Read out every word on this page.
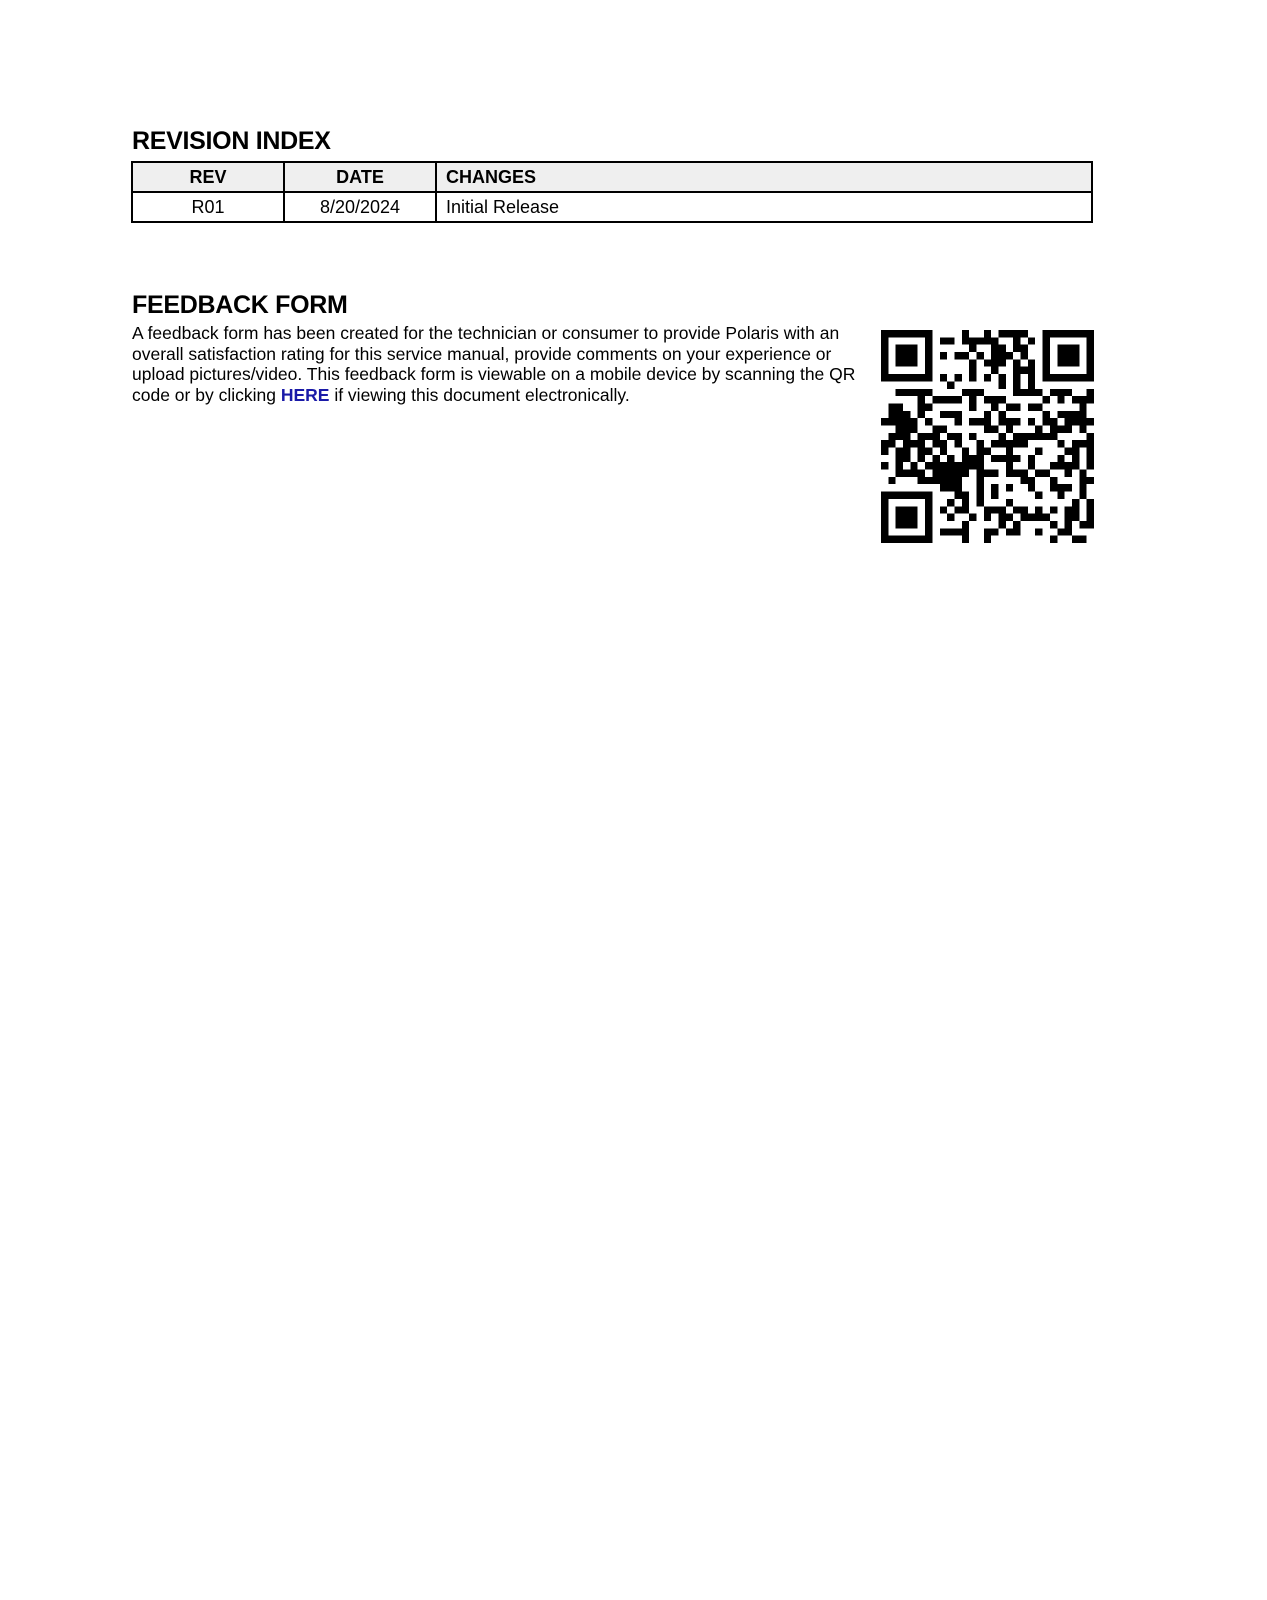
REVISION INDEX
REV	DATE	CHANGES
R01	8/20/2024	Initial Release
FEEDBACK FORM

A feedback form has been created for the technician or consumer to provide Polaris with an overall satisfaction rating for this service manual, provide comments on your experience or upload pictures/video. This feedback form is viewable on a mobile device by scanning the QR code or by clicking HERE if viewing this document electronically.
